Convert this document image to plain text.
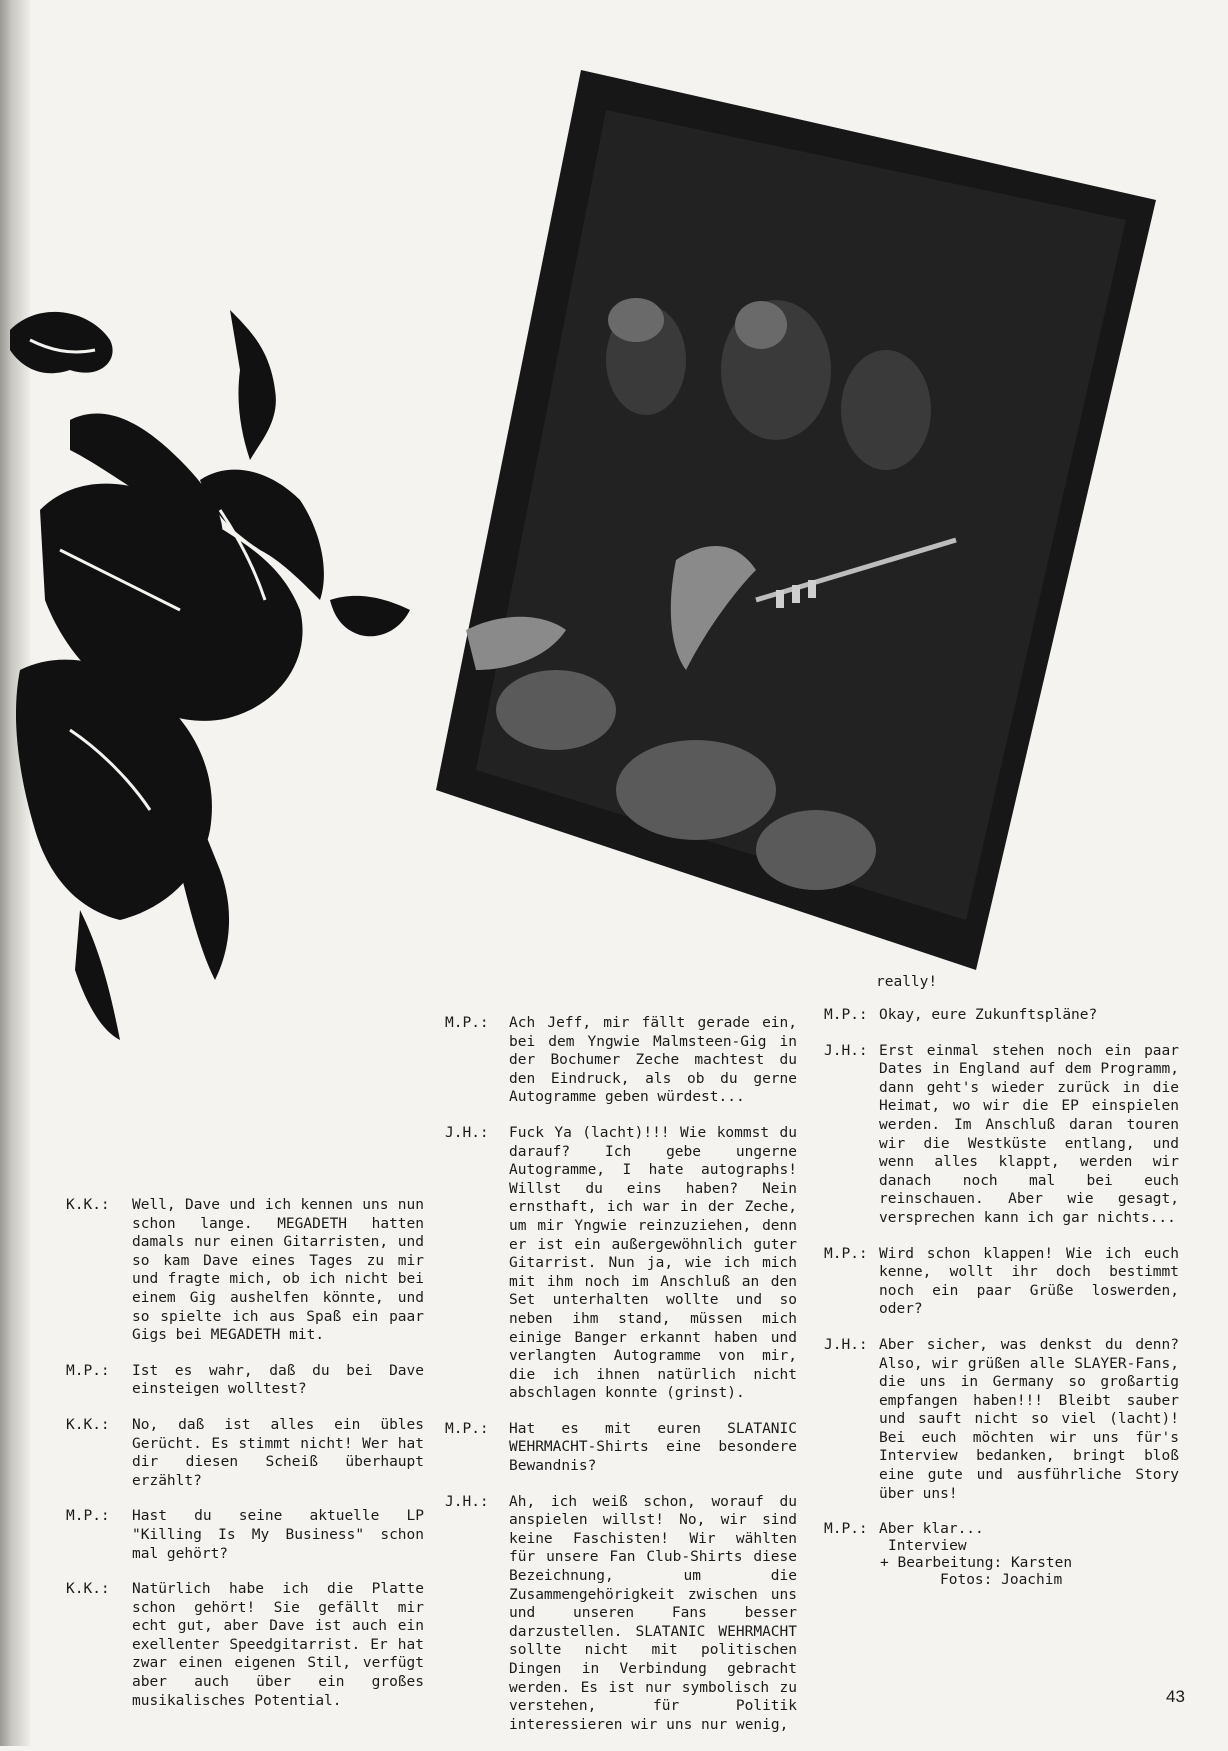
K.K.:	Well, Dave und ich kennen uns nun schon lange. MEGADETH hatten damals nur einen Gitarristen, und so kam Dave eines Tages zu mir und fragte mich, ob ich nicht bei einem Gig aushelfen könnte, und so spielte ich aus Spaß ein paar Gigs bei MEGADETH mit.
M.P.:	Ist es wahr, daß du bei Dave einsteigen wolltest?
K.K.:	No, daß ist alles ein übles Gerücht. Es stimmt nicht! Wer hat dir diesen Scheiß überhaupt erzählt?
M.P.:	Hast du seine aktuelle LP "Killing Is My Business" schon mal gehört?
K.K.:	Natürlich habe ich die Platte schon gehört! Sie gefällt mir echt gut, aber Dave ist auch ein exellenter Speedgitarrist. Er hat zwar einen eigenen Stil, verfügt aber auch über ein großes musikalisches Potential.
M.P.:	Ach Jeff, mir fällt gerade ein, bei dem Yngwie Malmsteen-Gig in der Bochumer Zeche machtest du den Eindruck, als ob du gerne Autogramme geben würdest...
J.H.:	Fuck Ya (lacht)!!! Wie kommst du darauf? Ich gebe ungerne Autogramme, I hate autographs! Willst du eins haben? Nein ernsthaft, ich war in der Zeche, um mir Yngwie reinzuziehen, denn er ist ein außergewöhnlich guter Gitarrist. Nun ja, wie ich mich mit ihm noch im Anschluß an den Set unterhalten wollte und so neben ihm stand, müssen mich einige Banger erkannt haben und verlangten Autogramme von mir, die ich ihnen natürlich nicht abschlagen konnte (grinst).
M.P.:	Hat es mit euren SLATANIC WEHRMACHT-Shirts eine besondere Bewandnis?
J.H.:	Ah, ich weiß schon, worauf du anspielen willst! No, wir sind keine Faschisten! Wir wählten für unsere Fan Club-Shirts diese Bezeichnung, um die Zusammengehörigkeit zwischen uns und unseren Fans besser darzustellen. SLATANIC WEHRMACHT sollte nicht mit politischen Dingen in Verbindung gebracht werden. Es ist nur symbolisch zu verstehen, für Politik interessieren wir uns nur wenig,
really!
M.P.: Okay, eure Zukunftspläne?
J.H.: Erst einmal stehen noch ein paar Dates in England auf dem Programm, dann geht's wieder zurück in die Heimat, wo wir die EP einspielen werden. Im Anschluß daran touren wir die Westküste entlang, und wenn alles klappt, werden wir danach noch mal bei euch reinschauen. Aber wie gesagt, versprechen kann ich gar nichts...
M.P.: Wird schon klappen! Wie ich euch kenne, wollt ihr doch bestimmt noch ein paar Grüße loswerden, oder?
J.H.: Aber sicher, was denkst du denn? Also, wir grüßen alle SLAYER-Fans, die uns in Germany so großartig empfangen haben!!! Bleibt sauber und sauft nicht so viel (lacht)! Bei euch möchten wir uns für's Interview bedanken, bringt bloß eine gute und ausführliche Story über uns!
M.P.: Aber klar...
Interview
+ Bearbeitung: Karsten
Fotos: Joachim
43
